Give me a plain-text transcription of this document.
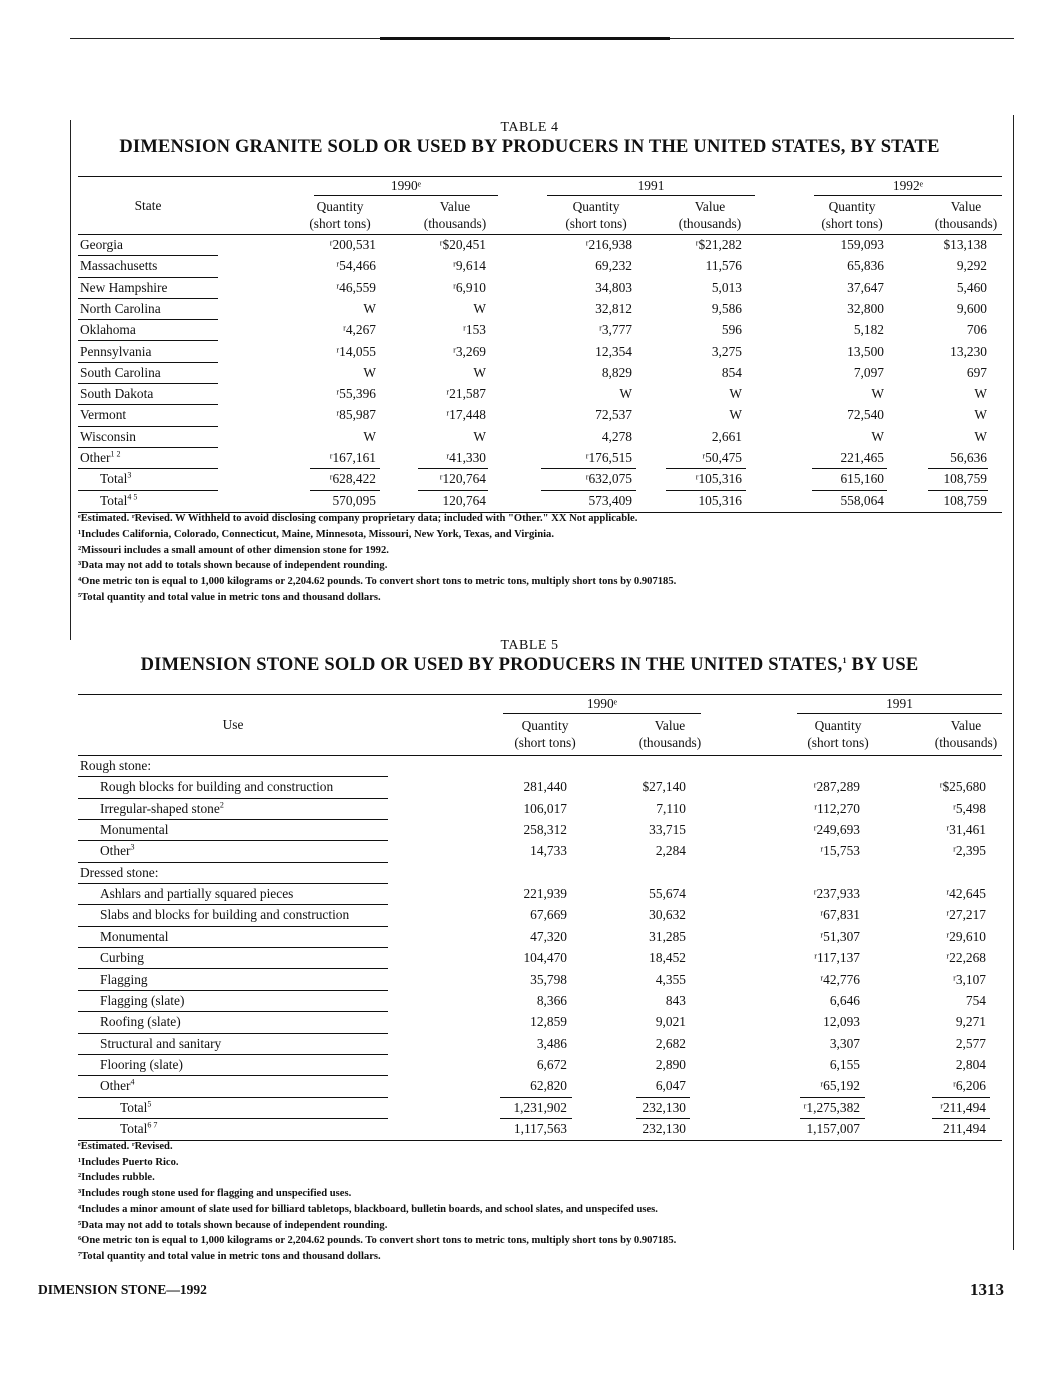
TABLE 4
DIMENSION GRANITE SOLD OR USED BY PRODUCERS IN THE UNITED STATES, BY STATE
1990ᵉ	1991	1992ᵉ
State	Quantity
(short tons)
Value
(thousands)
Quantity
(short tons)
Value
(thousands)
Quantity
(short tons)
Value
(thousands)
Georgia	ʳ200,531	ʳ$20,451	ʳ216,938	ʳ$21,282	159,093	$13,138
Massachusetts	ʳ54,466	ʳ9,614	69,232	11,576	65,836	9,292
New Hampshire	ʳ46,559	ʳ6,910	34,803	5,013	37,647	5,460
North Carolina	W	W	32,812	9,586	32,800	9,600
Oklahoma	ʳ4,267	ʳ153	ʳ3,777	596	5,182	706
Pennsylvania	ʳ14,055	ʳ3,269	12,354	3,275	13,500	13,230
South Carolina	W	W	8,829	854	7,097	697
South Dakota	ʳ55,396	ʳ21,587	W	W	W	W
Vermont	ʳ85,987	ʳ17,448	72,537	W	72,540	W
Wisconsin	W	W	4,278	2,661	W	W
Other$^{1 2}$	ʳ167,161	ʳ41,330	ʳ176,515	ʳ50,475	221,465	56,636
Total$^3$	ʳ628,422	ʳ120,764	ʳ632,075	ʳ105,316	615,160	108,759
Total$^{4 5}$	570,095	120,764	573,409	105,316	558,064	108,759
ᵉEstimated. ʳRevised. W Withheld to avoid disclosing company proprietary data; included with "Other." XX Not applicable.
¹Includes California, Colorado, Connecticut, Maine, Minnesota, Missouri, New York, Texas, and Virginia.
²Missouri includes a small amount of other dimension stone for 1992.
³Data may not add to totals shown because of independent rounding.
⁴One metric ton is equal to 1,000 kilograms or 2,204.62 pounds. To convert short tons to metric tons, multiply short tons by 0.907185.
⁵Total quantity and total value in metric tons and thousand dollars.
TABLE 5
DIMENSION STONE SOLD OR USED BY PRODUCERS IN THE UNITED STATES,$^1$ BY USE
1990ᵉ	1991
Use	Quantity
(short tons)
Value
(thousands)
Quantity
(short tons)
Value
(thousands)
Rough stone:
Rough blocks for building and construction	281,440	$27,140	ʳ287,289	ʳ$25,680
Irregular-shaped stone$^2$	106,017	7,110	ʳ112,270	ʳ5,498
Monumental	258,312	33,715	ʳ249,693	ʳ31,461
Other$^3$	14,733	2,284	ʳ15,753	ʳ2,395
Dressed stone:
Ashlars and partially squared pieces	221,939	55,674	ʳ237,933	ʳ42,645
Slabs and blocks for building and construction	67,669	30,632	ʳ67,831	ʳ27,217
Monumental	47,320	31,285	ʳ51,307	ʳ29,610
Curbing	104,470	18,452	ʳ117,137	ʳ22,268
Flagging	35,798	4,355	ʳ42,776	ʳ3,107
Flagging (slate)	8,366	843	6,646	754
Roofing (slate)	12,859	9,021	12,093	9,271
Structural and sanitary	3,486	2,682	3,307	2,577
Flooring (slate)	6,672	2,890	6,155	2,804
Other$^4$	62,820	6,047	ʳ65,192	ʳ6,206
Total$^5$	1,231,902	232,130	ʳ1,275,382	ʳ211,494
Total$^{6 7}$	1,117,563	232,130	1,157,007	211,494
ᵉEstimated. ʳRevised.
¹Includes Puerto Rico.
²Includes rubble.
³Includes rough stone used for flagging and unspecified uses.
⁴Includes a minor amount of slate used for billiard tabletops, blackboard, bulletin boards, and school slates, and unspecifed uses.
⁵Data may not add to totals shown because of independent rounding.
⁶One metric ton is equal to 1,000 kilograms or 2,204.62 pounds. To convert short tons to metric tons, multiply short tons by 0.907185.
⁷Total quantity and total value in metric tons and thousand dollars.
DIMENSION STONE—1992	1313
